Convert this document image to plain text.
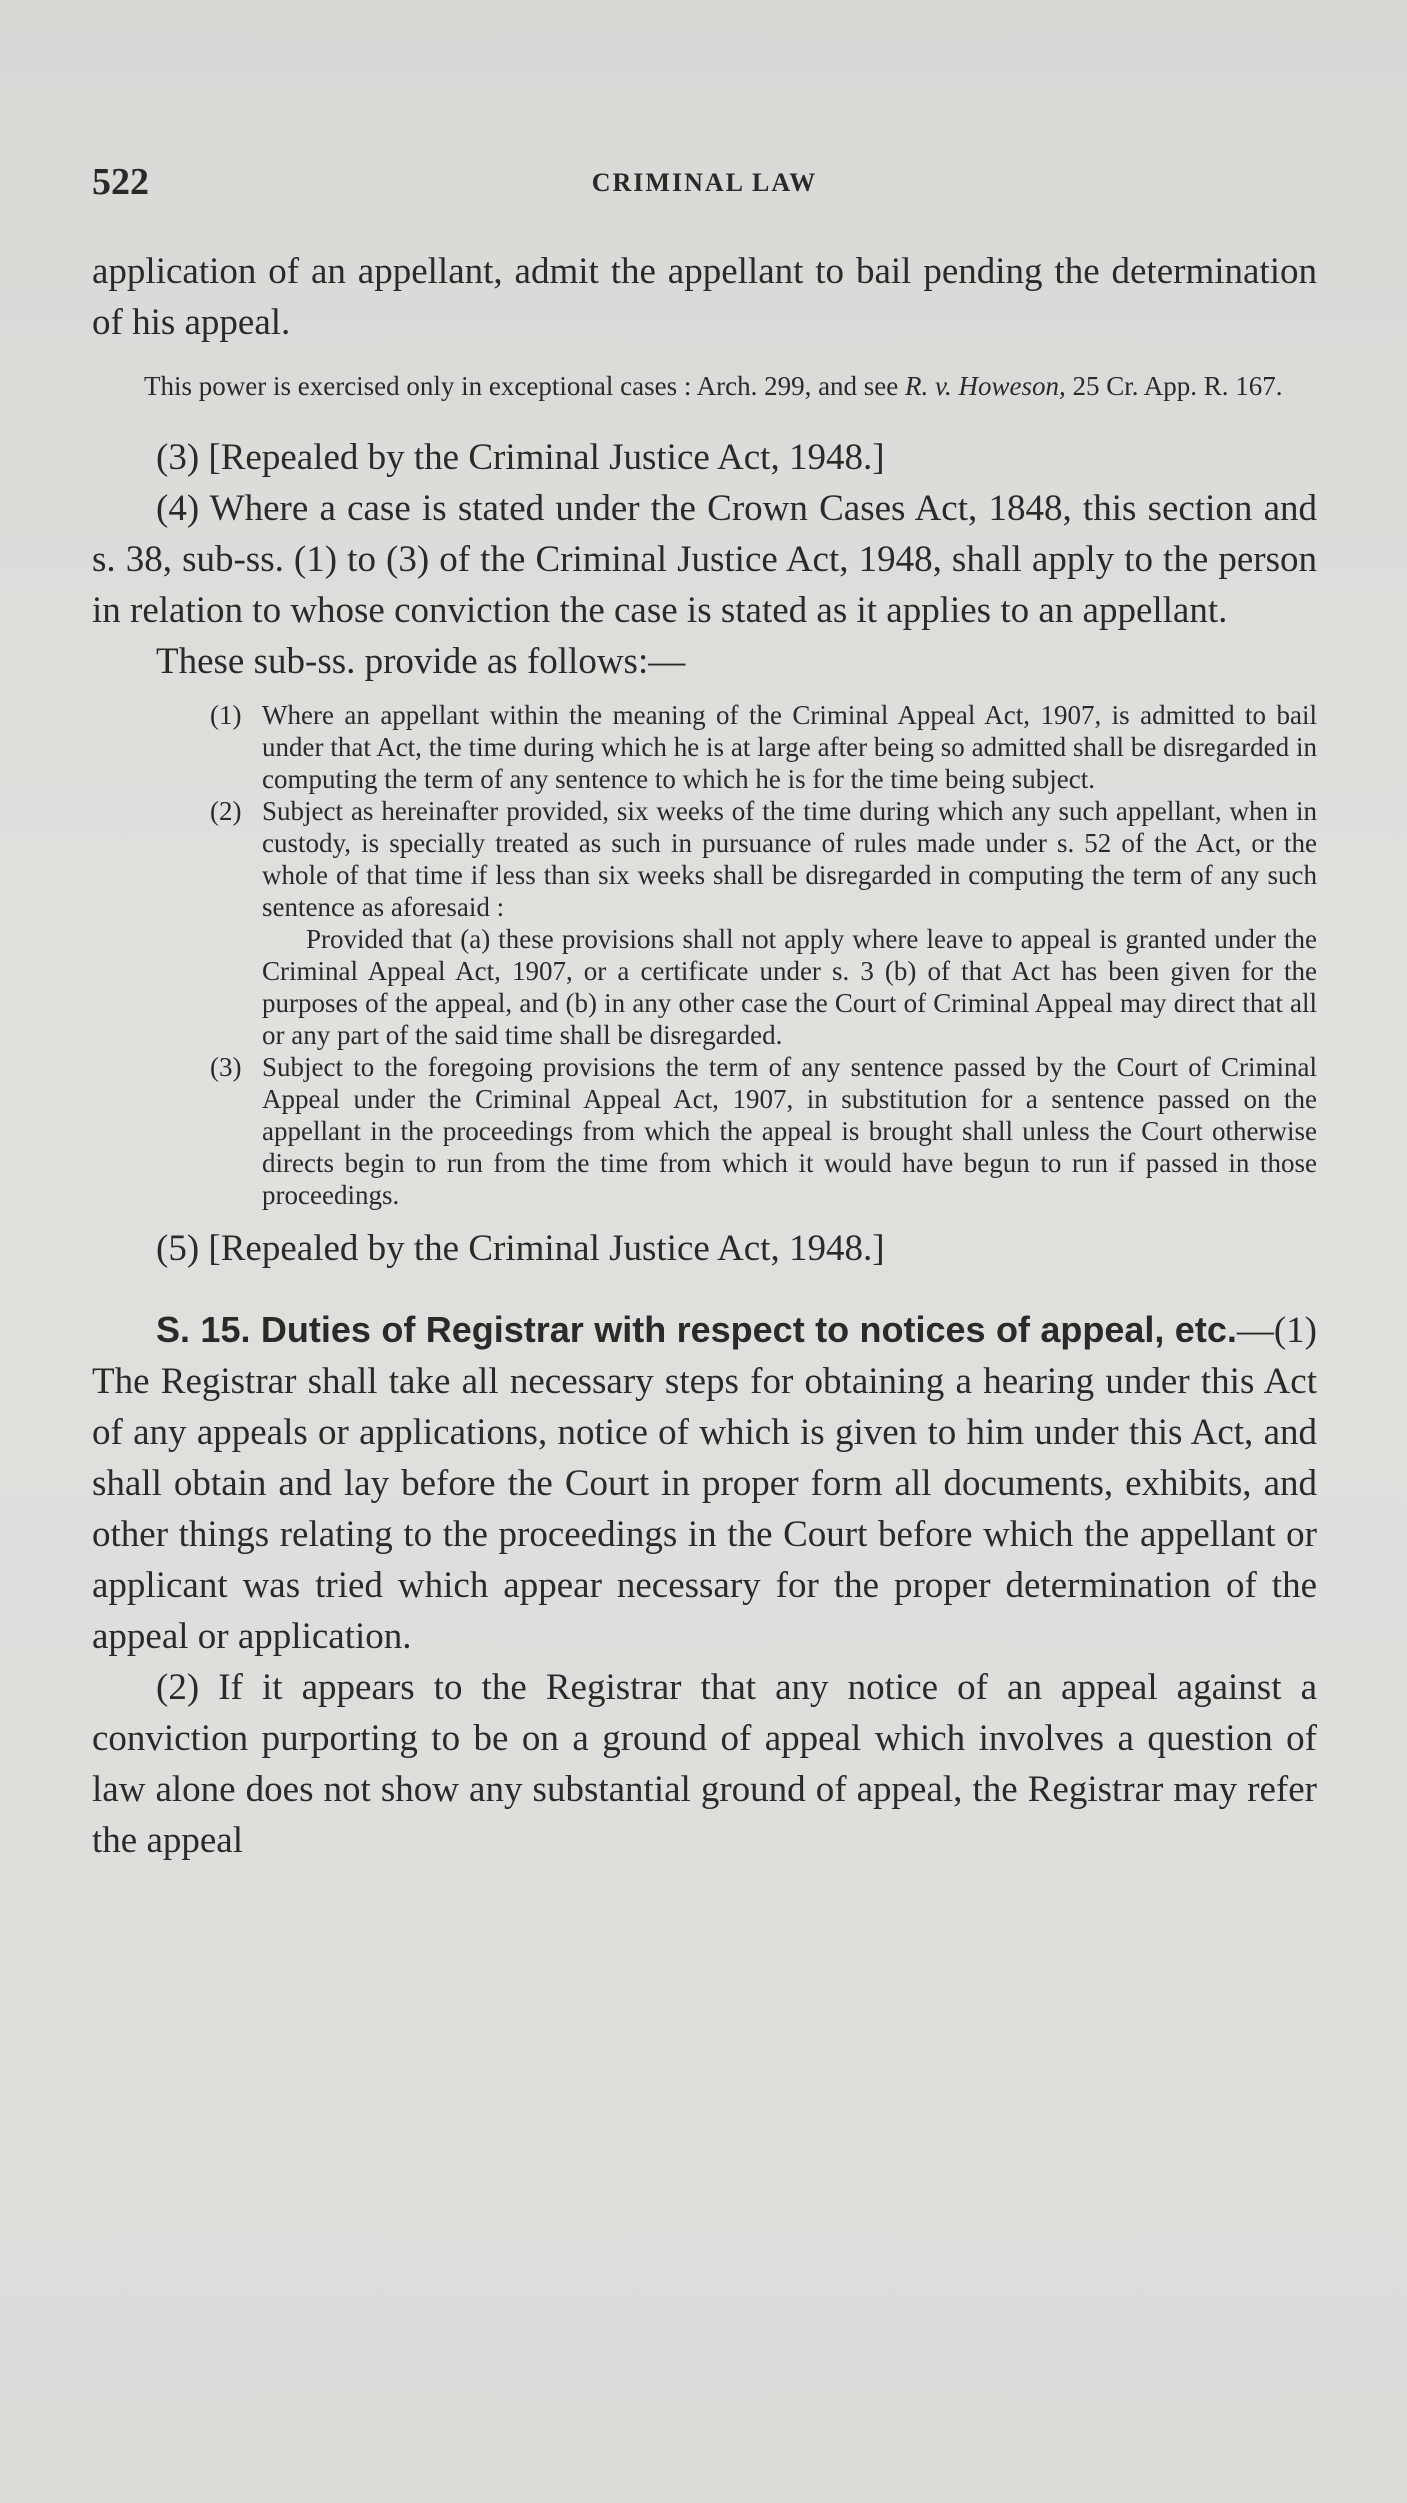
522	CRIMINAL LAW

application of an appellant, admit the appellant to bail pending the determination of his appeal.

This power is exercised only in exceptional cases : Arch. 299, and see R. v. Howeson, 25 Cr. App. R. 167.

(3) [Repealed by the Criminal Justice Act, 1948.]

(4) Where a case is stated under the Crown Cases Act, 1848, this section and s. 38, sub-ss. (1) to (3) of the Criminal Justice Act, 1948, shall apply to the person in relation to whose conviction the case is stated as it applies to an appellant.

These sub-ss. provide as follows:—

(1) Where an appellant within the meaning of the Criminal Appeal Act, 1907, is admitted to bail under that Act, the time during which he is at large after being so admitted shall be disregarded in computing the term of any sentence to which he is for the time being subject.
(2) Subject as hereinafter provided, six weeks of the time during which any such appellant, when in custody, is specially treated as such in pursuance of rules made under s. 52 of the Act, or the whole of that time if less than six weeks shall be disregarded in computing the term of any such sentence as aforesaid :

Provided that (a) these provisions shall not apply where leave to appeal is granted under the Criminal Appeal Act, 1907, or a certificate under s. 3 (b) of that Act has been given for the purposes of the appeal, and (b) in any other case the Court of Criminal Appeal may direct that all or any part of the said time shall be disregarded.

(3) Subject to the foregoing provisions the term of any sentence passed by the Court of Criminal Appeal under the Criminal Appeal Act, 1907, in substitution for a sentence passed on the appellant in the proceedings from which the appeal is brought shall unless the Court otherwise directs begin to run from the time from which it would have begun to run if passed in those proceedings.

(5) [Repealed by the Criminal Justice Act, 1948.]

S. 15. Duties of Registrar with respect to notices of appeal, etc.—(1) The Registrar shall take all necessary steps for obtaining a hearing under this Act of any appeals or applications, notice of which is given to him under this Act, and shall obtain and lay before the Court in proper form all documents, exhibits, and other things relating to the proceedings in the Court before which the appellant or applicant was tried which appear necessary for the proper determination of the appeal or application.

(2) If it appears to the Registrar that any notice of an appeal against a conviction purporting to be on a ground of appeal which involves a question of law alone does not show any substantial ground of appeal, the Registrar may refer the appeal
